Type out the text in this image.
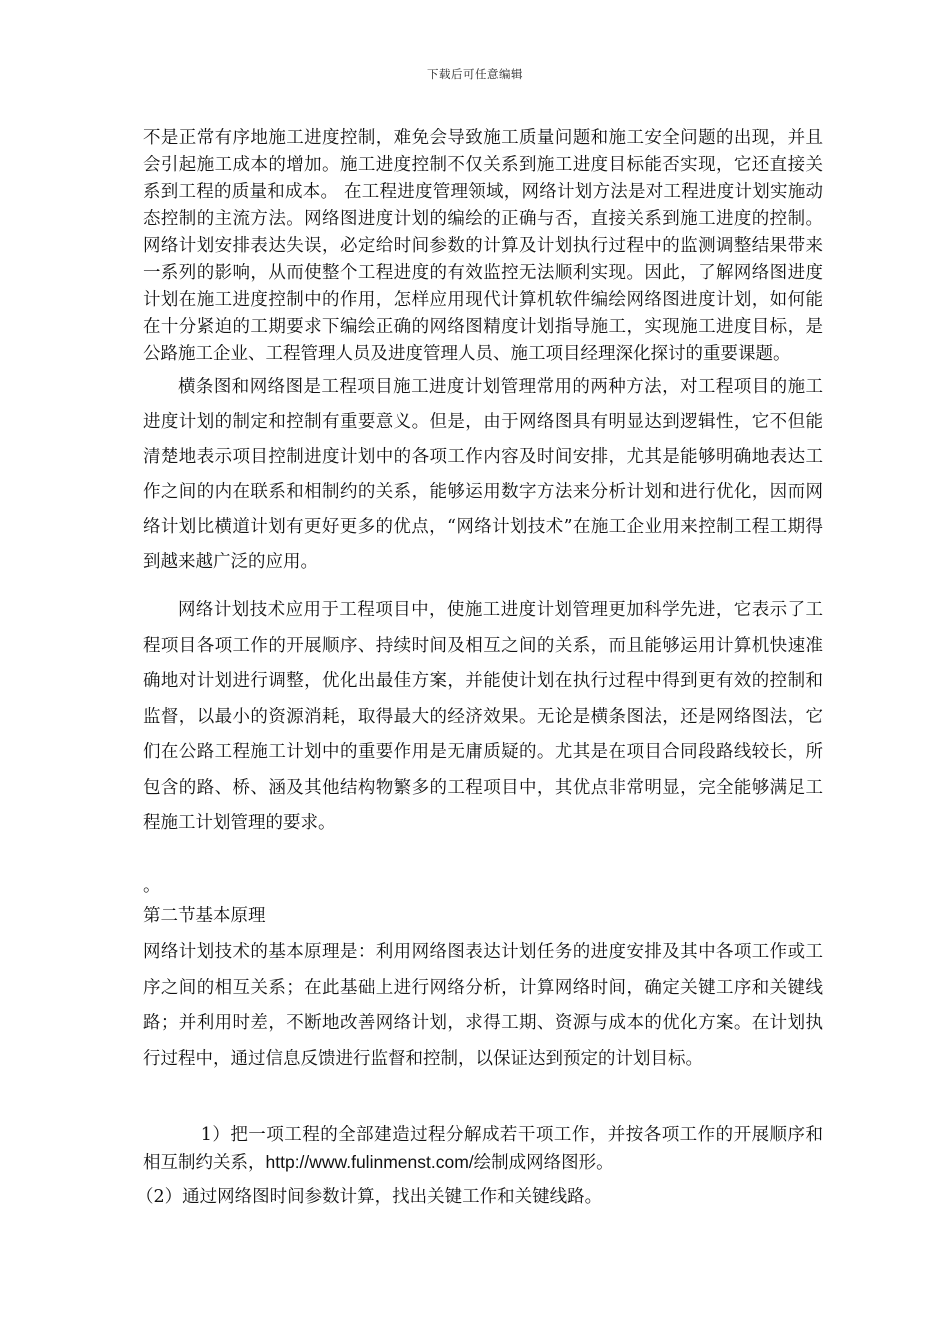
下载后可任意编辑
不是正常有序地施工进度控制，难免会导致施工质量问题和施工安全问题的出现，并且会引起施工成本的增加。施工进度控制不仅关系到施工进度目标能否实现，它还直接关系到工程的质量和成本。 在工程进度管理领域，网络计划方法是对工程进度计划实施动态控制的主流方法。网络图进度计划的编绘的正确与否，直接关系到施工进度的控制。网络计划安排表达失误，必定给时间参数的计算及计划执行过程中的监测调整结果带来一系列的影响，从而使整个工程进度的有效监控无法顺利实现。因此，了解网络图进度计划在施工进度控制中的作用，怎样应用现代计算机软件编绘网络图进度计划，如何能在十分紧迫的工期要求下编绘正确的网络图精度计划指导施工，实现施工进度目标，是公路施工企业、工程管理人员及进度管理人员、施工项目经理深化探讨的重要课题。
横条图和网络图是工程项目施工进度计划管理常用的两种方法，对工程项目的施工进度计划的制定和控制有重要意义。但是，由于网络图具有明显达到逻辑性，它不但能清楚地表示项目控制进度计划中的各项工作内容及时间安排，尤其是能够明确地表达工作之间的内在联系和相制约的关系，能够运用数字方法来分析计划和进行优化，因而网络计划比横道计划有更好更多的优点，“网络计划技术”在施工企业用来控制工程工期得到越来越广泛的应用。
网络计划技术应用于工程项目中，使施工进度计划管理更加科学先进，它表示了工程项目各项工作的开展顺序、持续时间及相互之间的关系，而且能够运用计算机快速准确地对计划进行调整，优化出最佳方案，并能使计划在执行过程中得到更有效的控制和监督，以最小的资源消耗，取得最大的经济效果。无论是横条图法，还是网络图法，它们在公路工程施工计划中的重要作用是无庸质疑的。尤其是在项目合同段路线较长，所包含的路、桥、涵及其他结构物繁多的工程项目中，其优点非常明显，完全能够满足工程施工计划管理的要求。
。
第二节基本原理
网络计划技术的基本原理是：利用网络图表达计划任务的进度安排及其中各项工作或工序之间的相互关系；在此基础上进行网络分析，计算网络时间，确定关键工序和关键线路；并利用时差，不断地改善网络计划，求得工期、资源与成本的优化方案。在计划执行过程中，通过信息反馈进行监督和控制，以保证达到预定的计划目标。
1）把一项工程的全部建造过程分解成若干项工作，并按各项工作的开展顺序和相互制约关系，http://www.fulinmenst.com/绘制成网络图形。
（2）通过网络图时间参数计算，找出关键工作和关键线路。
